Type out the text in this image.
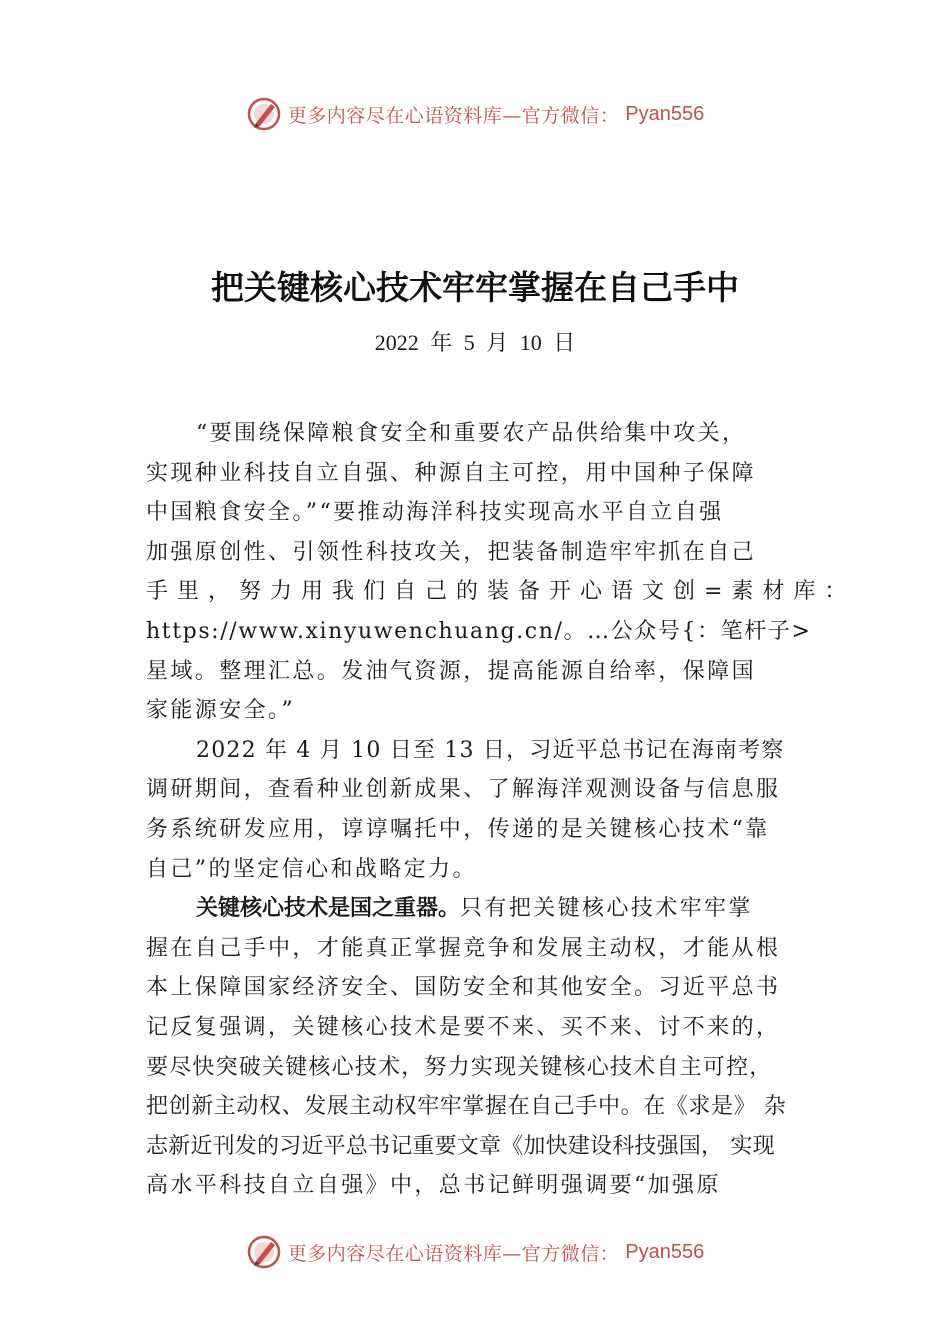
更多内容尽在心语资料库—官方微信： Pyan556
把关键核心技术牢牢掌握在自己手中
2022 年 5 月 10 日
“要围绕保障粮食安全和重要农产品供给集中攻关，
实现种业科技自立自强、种源自主可控，用中国种子保障
中国粮食安全。”“要推动海洋科技实现高水平自立自强
加强原创性、引领性科技攻关，把装备制造牢牢抓在自己
手里，努力用我们自己的装备开心语文创=素材库：
https://www.xinyuwenchuang.cn/。…公众号{：笔杆子>
星域。整理汇总。发油气资源，提高能源自给率，保障国
家能源安全。”
2022 年 4 月 10 日至 13 日，习近平总书记在海南考察
调研期间，查看种业创新成果、了解海洋观测设备与信息服
务系统研发应用，谆谆嘱托中，传递的是关键核心技术“靠
自己”的坚定信心和战略定力。
关键核心技术是国之重器。只有把关键核心技术牢牢掌
握在自己手中，才能真正掌握竞争和发展主动权，才能从根
本上保障国家经济安全、国防安全和其他安全。习近平总书
记反复强调，关键核心技术是要不来、买不来、讨不来的，
要尽快突破关键核心技术，努力实现关键核心技术自主可控，
把创新主动权、发展主动权牢牢掌握在自己手中。在《求是》 杂
志新近刊发的习近平总书记重要文章《加快建设科技强国， 实现
高水平科技自立自强》中，总书记鲜明强调要“加强原
更多内容尽在心语资料库—官方微信： Pyan556
